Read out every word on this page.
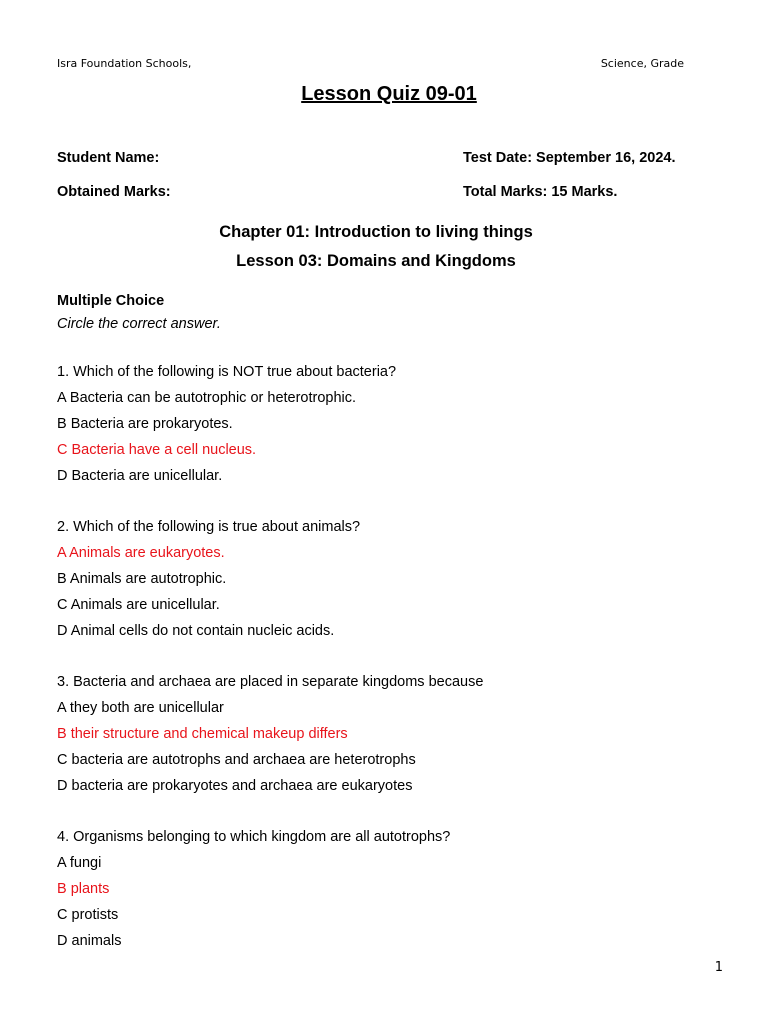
Isra Foundation Schools,	Science, Grade
Lesson Quiz 09-01
Student Name:	Test Date: September 16, 2024.
Obtained Marks:	Total Marks: 15 Marks.
Chapter 01: Introduction to living things
Lesson 03: Domains and Kingdoms
Multiple Choice
Circle the correct answer.
1. Which of the following is NOT true about bacteria?
A Bacteria can be autotrophic or heterotrophic.
B Bacteria are prokaryotes.
C Bacteria have a cell nucleus.
D Bacteria are unicellular.
2. Which of the following is true about animals?
A Animals are eukaryotes.
B Animals are autotrophic.
C Animals are unicellular.
D Animal cells do not contain nucleic acids.
3. Bacteria and archaea are placed in separate kingdoms because
A they both are unicellular
B their structure and chemical makeup differs
C bacteria are autotrophs and archaea are heterotrophs
D bacteria are prokaryotes and archaea are eukaryotes
4. Organisms belonging to which kingdom are all autotrophs?
A fungi
B plants
C protists
D animals
1
